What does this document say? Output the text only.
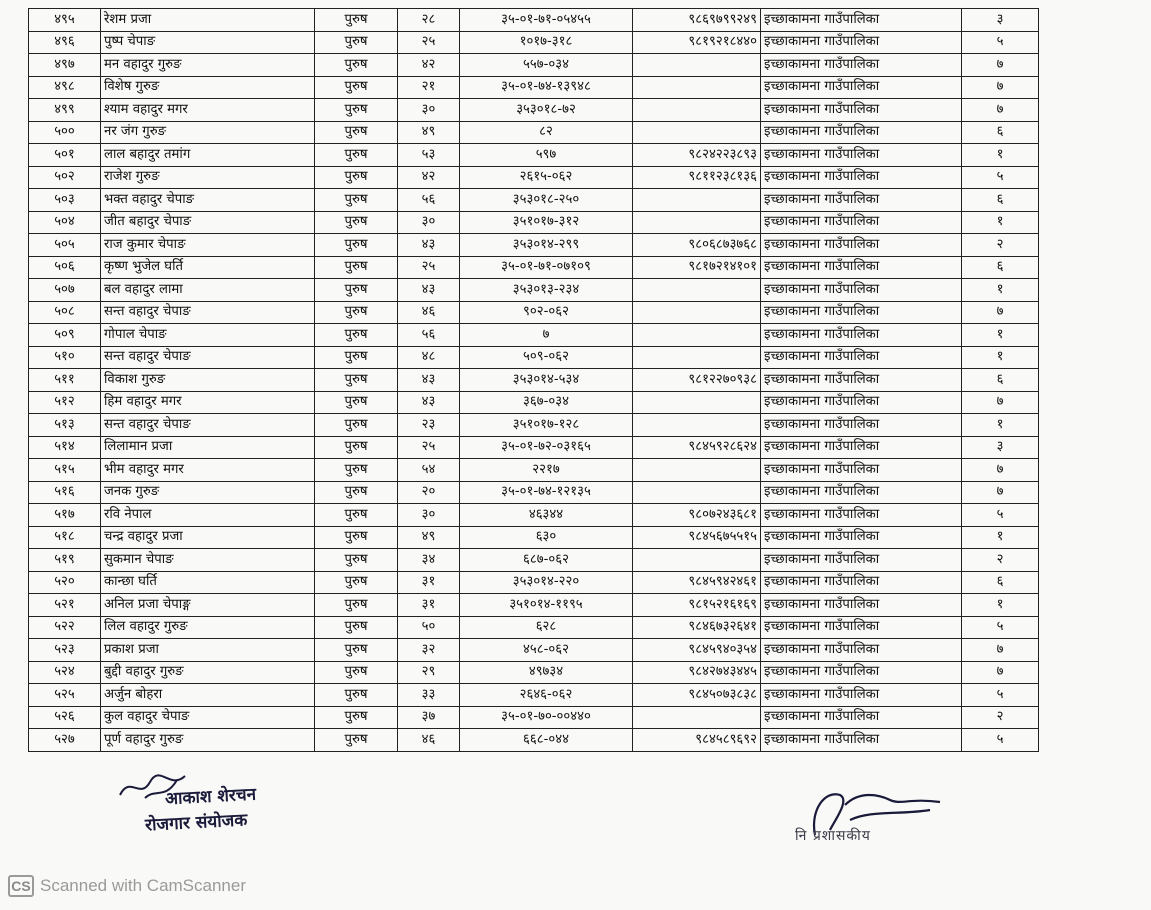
४९५	रेशम प्रजा	पुरुष	२८	३५-०१-७१-०५४५५	९८६९७९९२४९	इच्छाकामना गाउँपालिका	३
४९६	पुष्प चेपाङ	पुरुष	२५	१०१७-३१८	९८१९२१८४४०	इच्छाकामना गाउँपालिका	५
४९७	मन वहादुर गुरुङ	पुरुष	४२	५५७-०३४		इच्छाकामना गाउँपालिका	७
४९८	विशेष गुरुङ	पुरुष	२१	३५-०१-७४-१३९४८		इच्छाकामना गाउँपालिका	७
४९९	श्याम वहादुर मगर	पुरुष	३०	३५३०१८-७२		इच्छाकामना गाउँपालिका	७
५००	नर जंग गुरुङ	पुरुष	४९	८२		इच्छाकामना गाउँपालिका	६
५०१	लाल बहादुर तमांग	पुरुष	५३	५९७	९८२४२२३८९३	इच्छाकामना गाउँपालिका	१
५०२	राजेश गुरुङ	पुरुष	४२	२६१५-०६२	९८११२३८१३६	इच्छाकामना गाउँपालिका	५
५०३	भक्त वहादुर चेपाङ	पुरुष	५६	३५३०१८-२५०		इच्छाकामना गाउँपालिका	६
५०४	जीत बहादुर चेपाङ	पुरुष	३०	३५१०१७-३१२		इच्छाकामना गाउँपालिका	१
५०५	राज कुमार चेपाङ	पुरुष	४३	३५३०१४-२९९	९८०६८७३७६८	इच्छाकामना गाउँपालिका	२
५०६	कृष्ण भुजेल घर्ति	पुरुष	२५	३५-०१-७१-०७१०९	९८१७२१४१०१	इच्छाकामना गाउँपालिका	६
५०७	बल वहादुर लामा	पुरुष	४३	३५३०१३-२३४		इच्छाकामना गाउँपालिका	१
५०८	सन्त वहादुर चेपाङ	पुरुष	४६	९०२-०६२		इच्छाकामना गाउँपालिका	७
५०९	गोपाल चेपाङ	पुरुष	५६	७		इच्छाकामना गाउँपालिका	१
५१०	सन्त वहादुर चेपाङ	पुरुष	४८	५०९-०६२		इच्छाकामना गाउँपालिका	१
५११	विकाश गुरुङ	पुरुष	४३	३५३०१४-५३४	९८१२२७०९३८	इच्छाकामना गाउँपालिका	६
५१२	हिम वहादुर मगर	पुरुष	४३	३६७-०३४		इच्छाकामना गाउँपालिका	७
५१३	सन्त वहादुर चेपाङ	पुरुष	२३	३५१०१७-१२८		इच्छाकामना गाउँपालिका	१
५१४	लिलामान प्रजा	पुरुष	२५	३५-०१-७२-०३१६५	९८४५९२८६२४	इच्छाकामना गाउँपालिका	३
५१५	भीम वहादुर मगर	पुरुष	५४	२२१७		इच्छाकामना गाउँपालिका	७
५१६	जनक गुरुङ	पुरुष	२०	३५-०१-७४-१२१३५		इच्छाकामना गाउँपालिका	७
५१७	रवि नेपाल	पुरुष	३०	४६३४४	९८०७२४३६८१	इच्छाकामना गाउँपालिका	५
५१८	चन्द्र वहादुर प्रजा	पुरुष	४९	६३०	९८४५६७५५१५	इच्छाकामना गाउँपालिका	१
५१९	सुकमान चेपाङ	पुरुष	३४	६८७-०६२		इच्छाकामना गाउँपालिका	२
५२०	कान्छा घर्ति	पुरुष	३१	३५३०१४-२२०	९८४५९४२४६१	इच्छाकामना गाउँपालिका	६
५२१	अनिल प्रजा चेपाङ्ग	पुरुष	३१	३५१०१४-११९५	९८१५२१६१६९	इच्छाकामना गाउँपालिका	१
५२२	लिल वहादुर गुरुङ	पुरुष	५०	६२८	९८४६७३२६४१	इच्छाकामना गाउँपालिका	५
५२३	प्रकाश प्रजा	पुरुष	३२	४५८-०६२	९८४५९४०३५४	इच्छाकामना गाउँपालिका	७
५२४	बुद्दी वहादुर गुरुङ	पुरुष	२९	४९७३४	९८४२७४३४४५	इच्छाकामना गाउँपालिका	७
५२५	अर्जुन बोहरा	पुरुष	३३	२६४६-०६२	९८४५०७३८३८	इच्छाकामना गाउँपालिका	५
५२६	कुल वहादुर चेपाङ	पुरुष	३७	३५-०१-७०-००४४०		इच्छाकामना गाउँपालिका	२
५२७	पूर्ण वहादुर गुरुङ	पुरुष	४६	६६८-०४४	९८४५८९६९२	इच्छाकामना गाउँपालिका	५
आकाश शेरचन
रोजगार संयोजक
नि प्रशासकीय
CS Scanned with CamScanner
